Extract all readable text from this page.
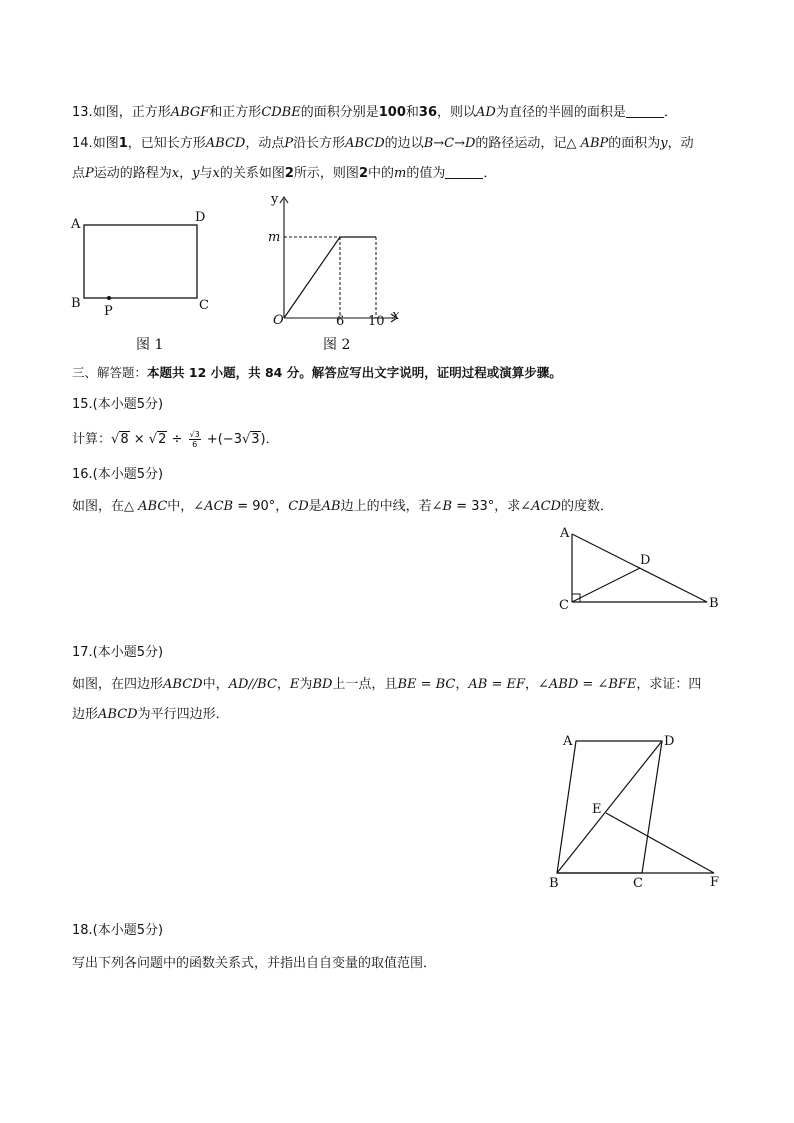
13.如图，正方形ABGF和正方形CDBE的面积分别是100和36，则以AD为直径的半圆的面积是	．
14.如图1，已知长方形ABCD，动点P沿长方形ABCD的边以B→C→D的路径运动，记△ ABP的面积为y，动
点P运动的路程为x，y与x的关系如图2所示，则图2中的m的值为	．
A
B	C
D
P
图 1
y
x
m
O	6 10
图 2
三、解答题：本题共 12 小题，共 84 分。解答应写出文字说明，证明过程或演算步骤。
15.(本小题5分)
计算：$√8 \times √2 \div \frac{√3}{6} +(-3√3)$．
16.(本小题5分)
如图，在△ ABC中，∠ACB = 90°，CD是AB边上的中线，若∠B = 33°，求∠ACD的度数．
A
C	B
D
17.(本小题5分)
如图，在四边形ABCD中，AD//BC，E为BD上一点，且BE = BC，AB = EF，∠ABD = ∠BFE，求证：四
边形ABCD为平行四边形．
A	D
E
B	C	F
18.(本小题5分)
写出下列各问题中的函数关系式，并指出自自变量的取值范围．
